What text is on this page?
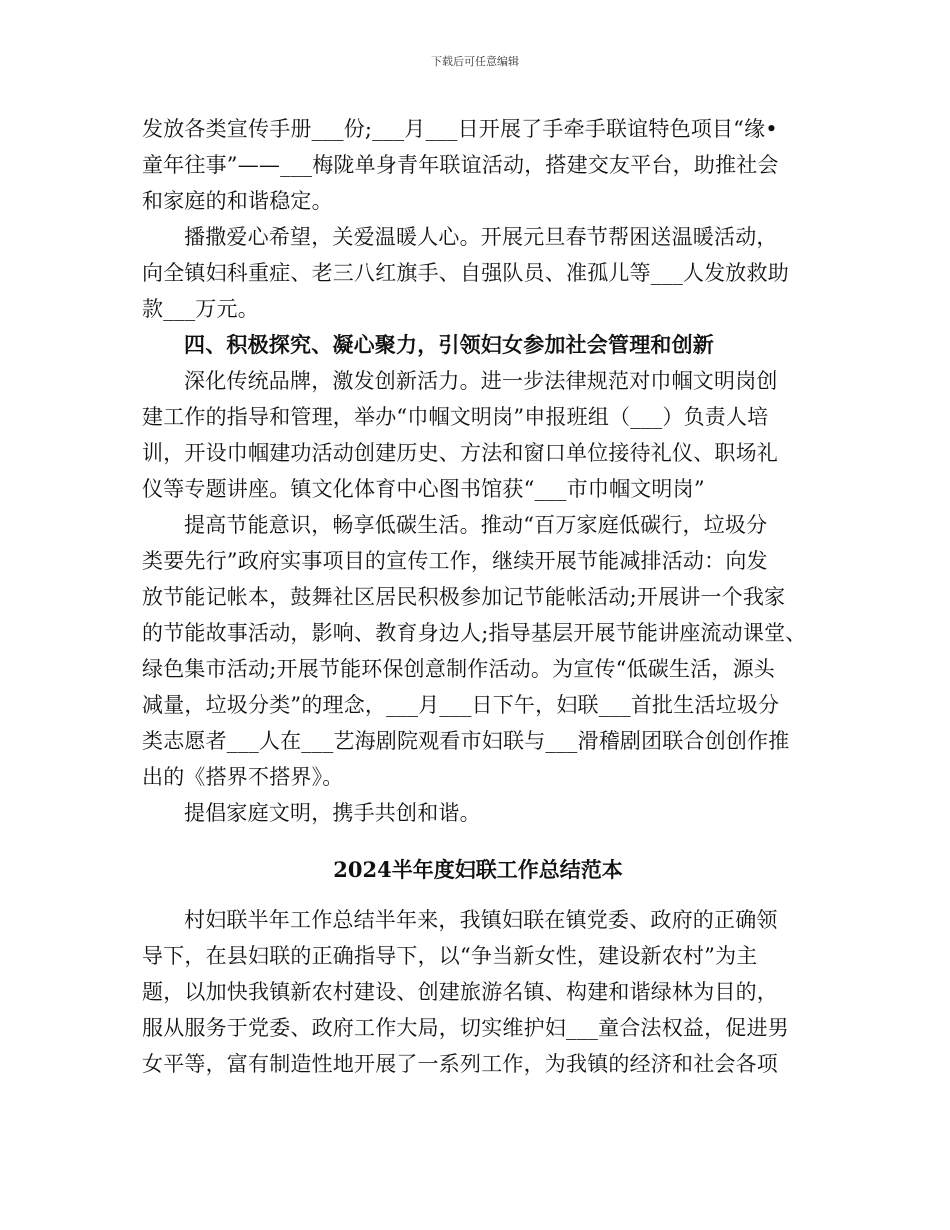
下载后可任意编辑
发放各类宣传手册___份;___月___日开展了手牵手联谊特色项目“缘•
童年往事”——___梅陇单身青年联谊活动，搭建交友平台，助推社会
和家庭的和谐稳定。
播撒爱心希望，关爱温暖人心。开展元旦春节帮困送温暖活动，
向全镇妇科重症、老三八红旗手、自强队员、准孤儿等___人发放救助
款___万元。
四、积极探究、凝心聚力，引领妇女参加社会管理和创新
深化传统品牌，激发创新活力。进一步法律规范对巾帼文明岗创
建工作的指导和管理，举办“巾帼文明岗”申报班组（___）负责人培
训，开设巾帼建功活动创建历史、方法和窗口单位接待礼仪、职场礼
仪等专题讲座。镇文化体育中心图书馆获“___市巾帼文明岗”
提高节能意识，畅享低碳生活。推动“百万家庭低碳行，垃圾分
类要先行”政府实事项目的宣传工作，继续开展节能减排活动：向发
放节能记帐本，鼓舞社区居民积极参加记节能帐活动;开展讲一个我家
的节能故事活动，影响、教育身边人;指导基层开展节能讲座流动课堂、
绿色集市活动;开展节能环保创意制作活动。为宣传“低碳生活，源头
减量，垃圾分类”的理念，___月___日下午，妇联___首批生活垃圾分
类志愿者___人在___艺海剧院观看市妇联与___滑稽剧团联合创创作推
出的《搭界不搭界》。
提倡家庭文明，携手共创和谐。
2024半年度妇联工作总结范本
村妇联半年工作总结半年来，我镇妇联在镇党委、政府的正确领
导下，在县妇联的正确指导下，以“争当新女性，建设新农村”为主
题，以加快我镇新农村建设、创建旅游名镇、构建和谐绿林为目的，
服从服务于党委、政府工作大局，切实维护妇___童合法权益，促进男
女平等，富有制造性地开展了一系列工作，为我镇的经济和社会各项
